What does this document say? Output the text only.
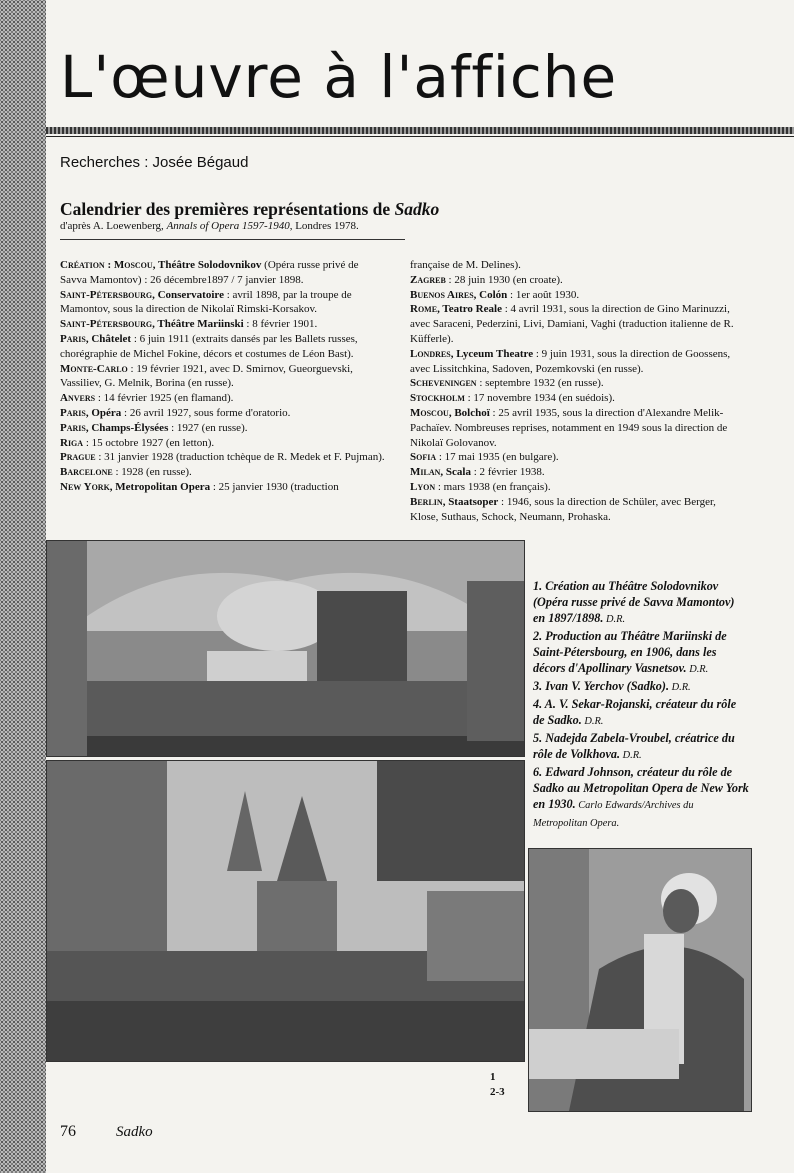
L'œuvre à l'affiche
Recherches : Josée Bégaud
Calendrier des premières représentations de Sadko
d'après A. Loewenberg, Annals of Opera 1597-1940, Londres 1978.

Création : Moscou, Théâtre Solodovnikov (Opéra russe privé de Savva Mamontov) : 26 décembre1897 / 7 janvier 1898.

Saint-Pétersbourg, Conservatoire : avril 1898, par la troupe de Mamontov, sous la direction de Nikolaï Rimski-Korsakov.

Saint-Pétersbourg, Théâtre Mariinski : 8 février 1901.

Paris, Châtelet : 6 juin 1911 (extraits dansés par les Ballets russes, chorégraphie de Michel Fokine, décors et costumes de Léon Bast).

Monte-Carlo : 19 février 1921, avec D. Smirnov, Gueorguevski, Vassiliev, G. Melnik, Borina (en russe).

Anvers : 14 février 1925 (en flamand).

Paris, Opéra : 26 avril 1927, sous forme d'oratorio.

Paris, Champs-Élysées : 1927 (en russe).

Riga : 15 octobre 1927 (en letton).

Prague : 31 janvier 1928 (traduction tchèque de R. Medek et F. Pujman).

Barcelone : 1928 (en russe).

New York, Metropolitan Opera : 25 janvier 1930 (traduction

française de M. Delines).

Zagreb : 28 juin 1930 (en croate).

Buenos Aires, Colón : 1er août 1930.

Rome, Teatro Reale : 4 avril 1931, sous la direction de Gino Marinuzzi, avec Saraceni, Pederzini, Livi, Damiani, Vaghi (traduction italienne de R. Küfferle).

Londres, Lyceum Theatre : 9 juin 1931, sous la direction de Goossens, avec Lissitchkina, Sadoven, Pozemkovski (en russe).

Scheveningen : septembre 1932 (en russe).

Stockholm : 17 novembre 1934 (en suédois).

Moscou, Bolchoï : 25 avril 1935, sous la direction d'Alexandre Melik-Pachaïev. Nombreuses reprises, notamment en 1949 sous la direction de Nikolaï Golovanov.

Sofia : 17 mai 1935 (en bulgare).

Milan, Scala : 2 février 1938.

Lyon : mars 1938 (en français).

Berlin, Staatsoper : 1946, sous la direction de Schüler, avec Berger, Klose, Suthaus, Schock, Neumann, Prohaska.

1. Création au Théâtre Solodovnikov (Opéra russe privé de Savva Mamontov) en 1897/1898. D.R.

2. Production au Théâtre Mariinski de Saint-Pétersbourg, en 1906, dans les décors d'Apollinary Vasnetsov. D.R.

3. Ivan V. Yerchov (Sadko). D.R.

4. A. V. Sekar-Rojanski, créateur du rôle de Sadko. D.R.

5. Nadejda Zabela-Vroubel, créatrice du rôle de Volkhova. D.R.

6. Edward Johnson, créateur du rôle de Sadko au Metropolitan Opera de New York en 1930. Carlo Edwards/Archives du Metropolitan Opera.

1
2-3
76	Sadko
